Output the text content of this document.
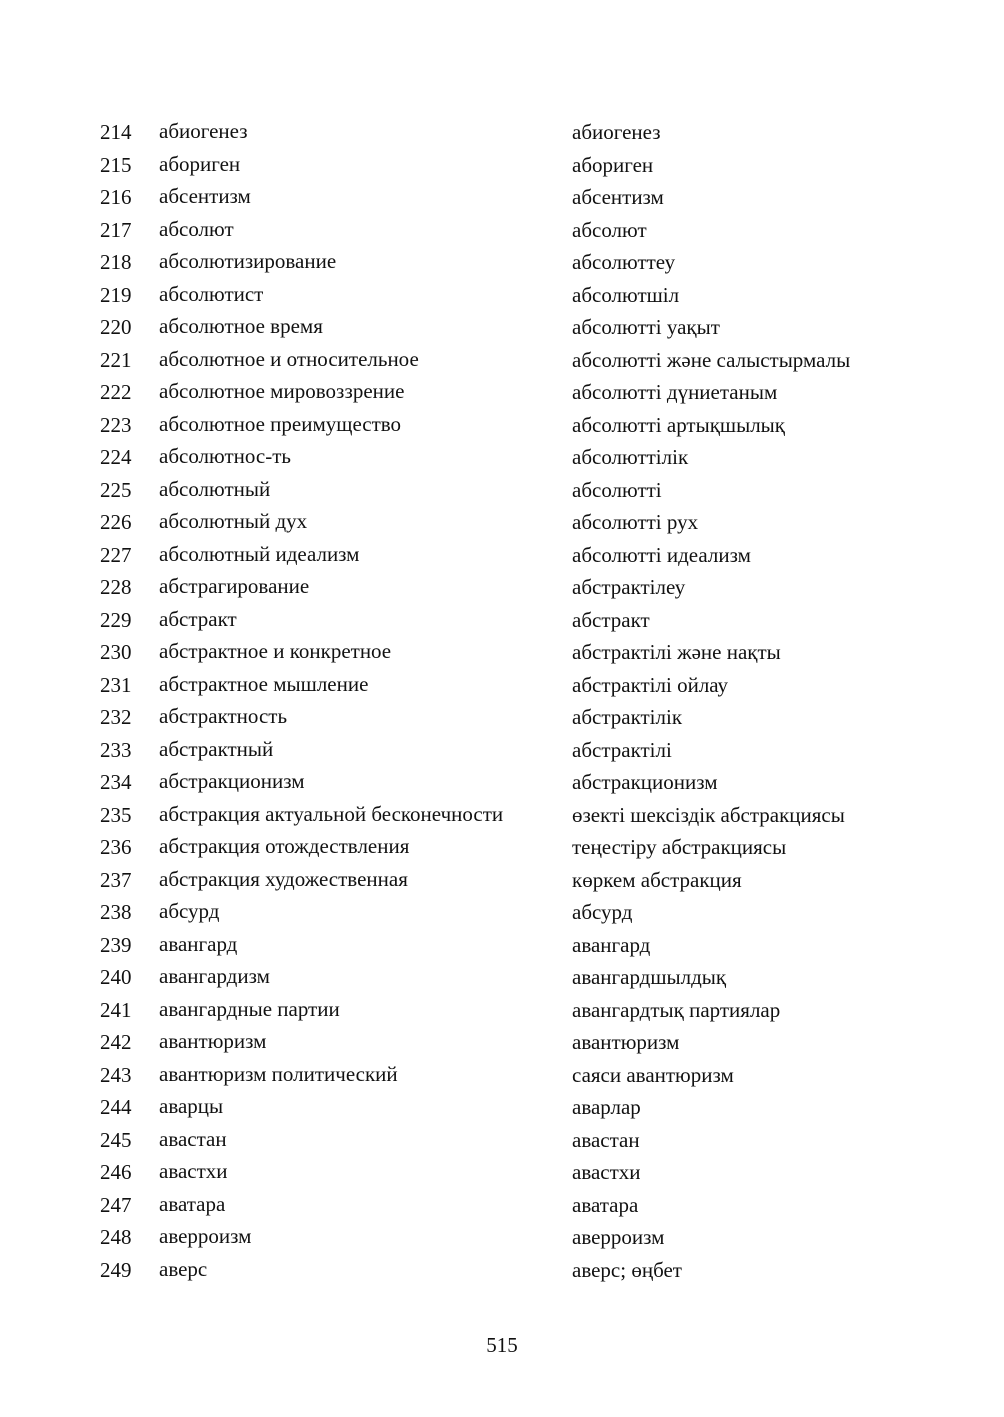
214 абиогенез	абиогенез
215 абориген	абориген
216 абсентизм	абсентизм
217 абсолют	абсолют
218 абсолютизирование	абсолюттеу
219 абсолютист	абсолютшіл
220 абсолютное время	абсолютті уақыт
221 абсолютное и относительное	абсолютті және салыстырмалы
222 абсолютное мировоззрение	абсолютті дүниетаным
223 абсолютное преимущество	абсолютті артықшылық
224 абсолютнос-ть	абсолюттілік
225 абсолютный	абсолютті
226 абсолютный дух	абсолютті рух
227 абсолютный идеализм	абсолютті идеализм
228 абстрагирование	абстрактілеу
229 абстракт	абстракт
230 абстрактное и конкретное	абстрактілі және нақты
231 абстрактное мышление	абстрактілі ойлау
232 абстрактность	абстрактілік
233 абстрактный	абстрактілі
234 абстракционизм	абстракционизм
235 абстракция актуальной бесконечности	өзекті шексіздік абстракциясы
236 абстракция отождествления	теңестіру абстракциясы
237 абстракция художественная	көркем абстракция
238 абсурд	абсурд
239 авангард	авангард
240 авангардизм	авангардшылдық
241 авангардные партии	авангардтық партиялар
242 авантюризм	авантюризм
243 авантюризм политический	саяси авантюризм
244 аварцы	аварлар
245 авастан	авастан
246 авастхи	авастхи
247 аватара	аватара
248 аверроизм	аверроизм
249 аверс	аверс; өңбет
515
